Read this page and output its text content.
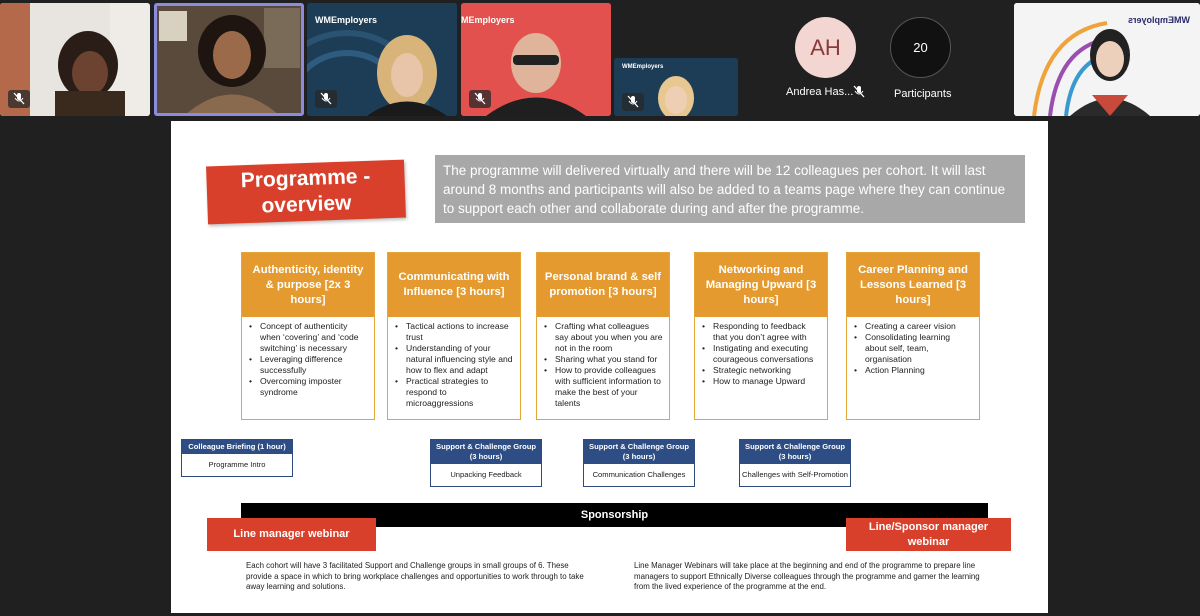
WMEmployers	MEmployers
WMEmployers
AH
Andrea Has...
20
Participants
WMEmployers
Programme - overview
The programme will delivered virtually and there will be 12 colleagues per cohort. It will last around 8 months and participants will also be added to a teams page where they can continue to support each other and collaborate during and after the programme.
Authenticity, identity & purpose [2x 3 hours]
• Concept of authenticity when ‘covering’ and ‘code switching’ is necessary
• Leveraging difference successfully
• Overcoming imposter syndrome
Communicating with Influence [3 hours]
• Tactical actions to increase trust
• Understanding of your natural influencing style and how to flex and adapt
• Practical strategies to respond to microaggressions
Personal brand & self promotion [3 hours]
• Crafting what colleagues say about you when you are not in the room
• Sharing what you stand for
• How to provide colleagues with sufficient information to make the best of your talents
Networking and Managing Upward [3 hours]
• Responding to feedback that you don’t agree with
• Instigating and executing courageous conversations
• Strategic networking
• How to manage Upward
Career Planning and Lessons Learned [3 hours]
• Creating a career vision
• Consolidating learning about self, team, organisation
• Action Planning
Colleague Briefing (1 hour)
Programme Intro
Support & Challenge Group (3 hours)
Unpacking Feedback
Support & Challenge Group (3 hours)
Communication Challenges
Support & Challenge Group (3 hours)
Challenges with Self-Promotion
Sponsorship
Line manager webinar
Line/Sponsor manager webinar
Each cohort will have 3 facilitated Support and Challenge groups in small groups of 6. These provide a space in which to bring workplace challenges and opportunities to work through to take away learning and solutions.
Line Manager Webinars will take place at the beginning and end of the programme to prepare line managers to support Ethnically Diverse colleagues through the programme and garner the learning from the lived experience of the programme at the end.
